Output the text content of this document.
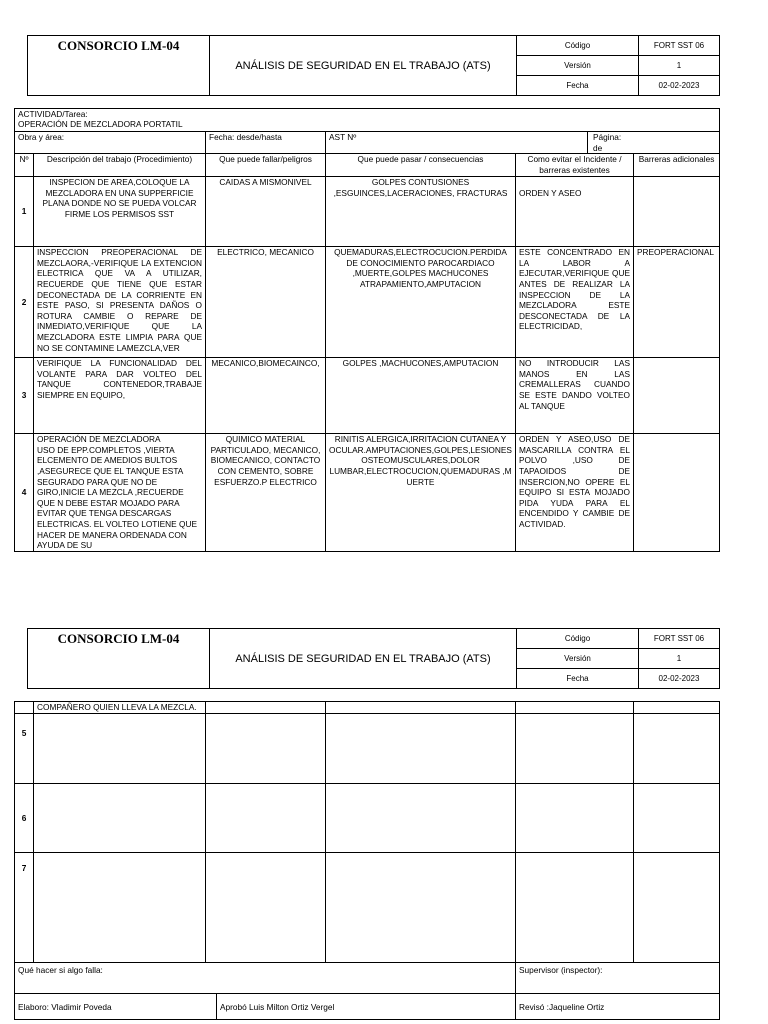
CONSORCIO LM-04	ANÁLISIS DE SEGURIDAD EN EL TRABAJO (ATS)	Código	FORT SST 06
		Versión	1
		Fecha	02-02-2023
ACTIVIDAD/Tarea:
OPERACIÓN DE MEZCLADORA PORTATIL						

Obra y área:		Fecha: desde/hasta	AST Nº		Página:
de	

Nº	Descripción del trabajo (Procedimiento)	Que puede fallar/peligros	Que puede pasar / consecuencias	Como evitar el Incidente / barreras existentes		Barreras adicionales
1	INSPECION DE AREA,COLOQUE LA MEZCLADORA EN UNA SUPPERFICIE PLANA DONDE NO SE PUEDA VOLCAR FIRME LOS PERMISOS SST	CAIDAS A MISMONIVEL	GOLPES CONTUSIONES ,ESGUINCES,LACERACIONES, FRACTURAS	ORDEN Y ASEO		
2	INSPECCION PREOPERACIONAL DE MEZCLAORA,-VERIFIQUE LA EXTENCION ELECTRICA QUE VA A UTILIZAR, RECUERDE QUE TIENE QUE ESTAR DECONECTADA DE LA CORRIENTE EN ESTE PASO, SI PRESENTA DAÑOS O ROTURA CAMBIE O REPARE DE INMEDIATO,VERIFIQUE QUE LA MEZCLADORA ESTE LIMPIA PARA QUE NO SE CONTAMINE LAMEZCLA,VER	ELECTRICO, MECANICO	QUEMADURAS,ELECTROCUCION.PERDIDA DE CONOCIMIENTO PAROCARDIACO ,MUERTE,GOLPES MACHUCONES ATRAPAMIENTO,AMPUTACION	ESTE CONCENTRADO EN LA LABOR A EJECUTAR,VERIFIQUE QUE ANTES DE REALIZAR LA INSPECCION DE LA MEZCLADORA ESTE DESCONECTADA DE LA ELECTRICIDAD,		PREOPERACIONAL
3	VERIFIQUE LA FUNCIONALIDAD DEL VOLANTE PARA DAR VOLTEO DEL TANQUE CONTENEDOR,TRABAJE SIEMPRE EN EQUIPO,	MECANICO,BIOMECAINCO,	GOLPES ,MACHUCONES,AMPUTACION	NO INTRODUCIR LAS MANOS EN LAS CREMALLERAS CUANDO SE ESTE DANDO VOLTEO AL TANQUE		
4	OPERACIÓN DE MEZCLADORA
USO DE EPP.COMPLETOS ,VIERTA ELCEMENTO DE AMEDIOS BULTOS ,ASEGURECE QUE EL TANQUE ESTA SEGURADO PARA QUE NO DE GIRO,INICIE LA MEZCLA ,RECUERDE QUE N DEBE ESTAR MOJADO PARA EVITAR QUE TENGA DESCARGAS ELECTRICAS. EL VOLTEO LOTIENE QUE HACER DE MANERA ORDENADA CON AYUDA DE SU	QUIMICO MATERIAL PARTICULADO, MECANICO, BIOMECANICO, CONTACTO CON CEMENTO, SOBRE ESFUERZO.P ELECTRICO	RINITIS ALERGICA,IRRITACION CUTANEA Y OCULAR.AMPUTACIONES,GOLPES,LESIONES OSTEOMUSCULARES,DOLOR LUMBAR,ELECTROCUCION,QUEMADURAS ,M UERTE	ORDEN Y ASEO,USO DE MASCARILLA CONTRA EL POLVO ,USO DE TAPAOIDOS DE INSERCION,NO OPERE EL EQUIPO SI ESTA MOJADO PIDA YUDA PARA EL ENCENDIDO Y CAMBIE DE ACTIVIDAD.		
CONSORCIO LM-04	ANÁLISIS DE SEGURIDAD EN EL TRABAJO (ATS)	Código	FORT SST 06
		Versión	1
		Fecha	02-02-2023
	COMPAÑERO QUIEN LLEVA LA MEZCLA.				
5					
6					
7					
Qué hacer si algo falla:		Supervisor (inspector):
Elaboro: Vladimir Poveda	Aprobó Luis Milton Ortiz Vergel	Revisó :Jaqueline Ortiz
